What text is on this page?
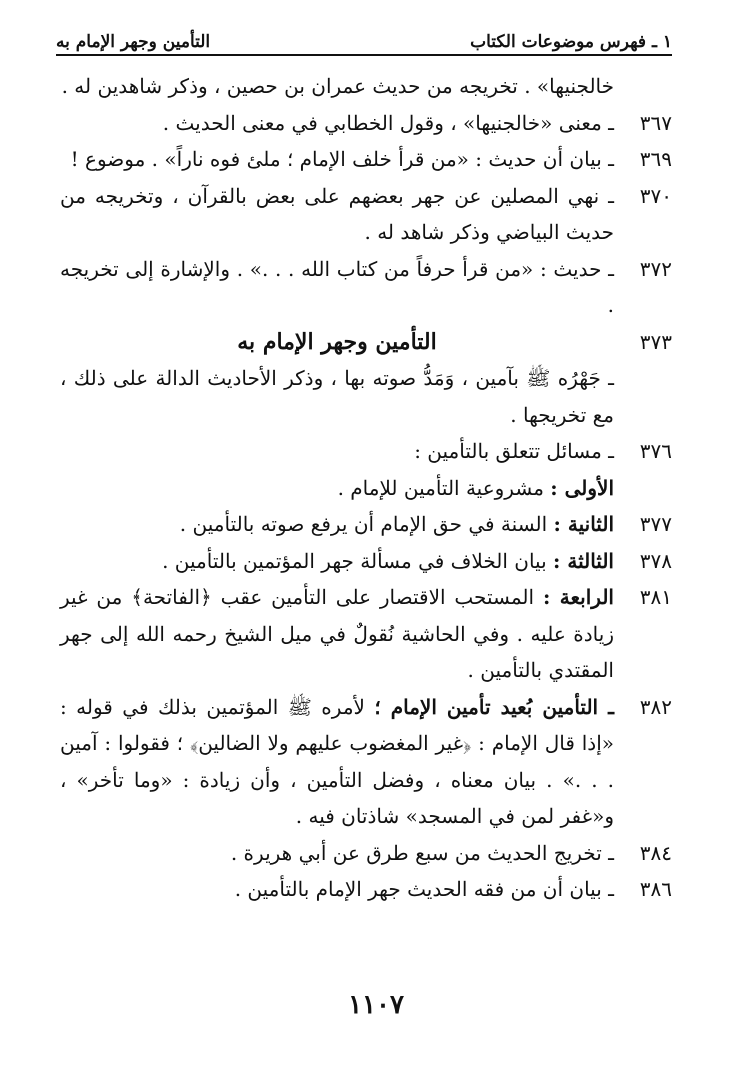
١ ـ فهرس موضوعات الكتاب
التأمين وجهر الإمام به
خالجنيها» . تخريجه من حديث عمران بن حصين ، وذكر شاهدين له .
٣٦٧
ـ معنى «خالجنيها» ، وقول الخطابي في معنى الحديث .
٣٦٩
ـ بيان أن حديث : «من قرأ خلف الإمام ؛ ملئ فوه ناراً» . موضوع !
٣٧٠
ـ نهي المصلين عن جهر بعضهم على بعض بالقرآن ، وتخريجه من حديث البياضي وذكر شاهد له .
٣٧٢
ـ حديث : «من قرأ حرفاً من كتاب الله . . .» . والإشارة إلى تخريجه .
٣٧٣
التأمين وجهر الإمام به
ـ جَهْرُه ﷺ بآمين ، وَمَدُّ صوته بها ، وذكر الأحاديث الدالة على ذلك ، مع تخريجها .
٣٧٦
ـ مسائل تتعلق بالتأمين :
الأولى : مشروعية التأمين للإمام .
٣٧٧
الثانية : السنة في حق الإمام أن يرفع صوته بالتأمين .
٣٧٨
الثالثة : بيان الخلاف في مسألة جهر المؤتمين بالتأمين .
٣٨١
الرابعة : المستحب الاقتصار على التأمين عقب ﴿الفاتحة﴾ من غير زيادة عليه . وفي الحاشية نُقولٌ في ميل الشيخ رحمه الله إلى جهر المقتدي بالتأمين .
٣٨٢
ـ التأمين بُعيد تأمين الإمام ؛ لأمره ﷺ المؤتمين بذلك في قوله : «إذا قال الإمام : ﴿غير المغضوب عليهم ولا الضالين﴾ ؛ فقولوا : آمين . . .» . بيان معناه ، وفضل التأمين ، وأن زيادة : «وما تأخر» ، و«غفر لمن في المسجد» شاذتان فيه .
٣٨٤
ـ تخريج الحديث من سبع طرق عن أبي هريرة .
٣٨٦
ـ بيان أن من فقه الحديث جهر الإمام بالتأمين .
١١٠٧
